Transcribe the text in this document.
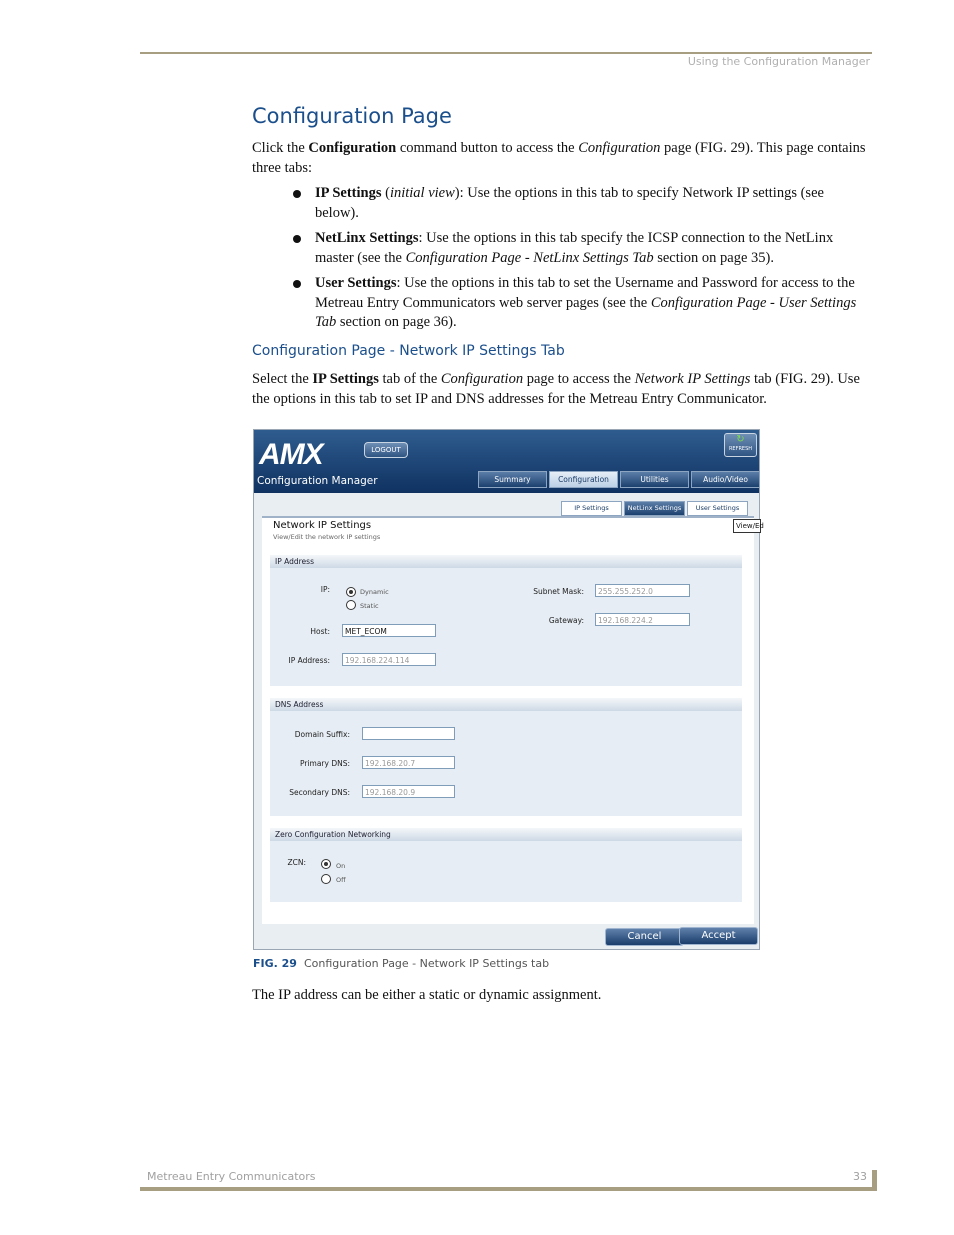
Using the Configuration Manager
Configuration Page

Click the Configuration command button to access the Configuration page (FIG. 29). This page contains three tabs:

IP Settings (initial view): Use the options in this tab to specify Network IP settings (see below).
NetLinx Settings: Use the options in this tab specify the ICSP connection to the NetLinx master (see the Configuration Page - NetLinx Settings Tab section on page 35).
User Settings: Use the options in this tab to set the Username and Password for access to the Metreau Entry Communicators web server pages (see the Configuration Page - User Settings Tab section on page 36).
Configuration Page - Network IP Settings Tab

Select the IP Settings tab of the Configuration page to access the Network IP Settings tab (FIG. 29). Use the options in this tab to set IP and DNS addresses for the Metreau Entry Communicator.

AMX	LOGOUT
↻
REFRESH
Configuration Manager	Summary	Configuration	Utilities	Audio/Video
IP Settings	NetLinx Settings	User Settings
View/Ed
Network IP Settings
View/Edit the network IP settings
IP Address
IP:	Dynamic
Static
Host:	MET_ECOM
IP Address:	192.168.224.114
Subnet Mask:	255.255.252.0
Gateway:	192.168.224.2
DNS Address
Domain Suffix:
Primary DNS:	192.168.20.7
Secondary DNS:	192.168.20.9
Zero Configuration Networking
ZCN:	On
Off
Cancel	Accept
FIG. 29 Configuration Page - Network IP Settings tab

The IP address can be either a static or dynamic assignment.

Metreau Entry Communicators	33
